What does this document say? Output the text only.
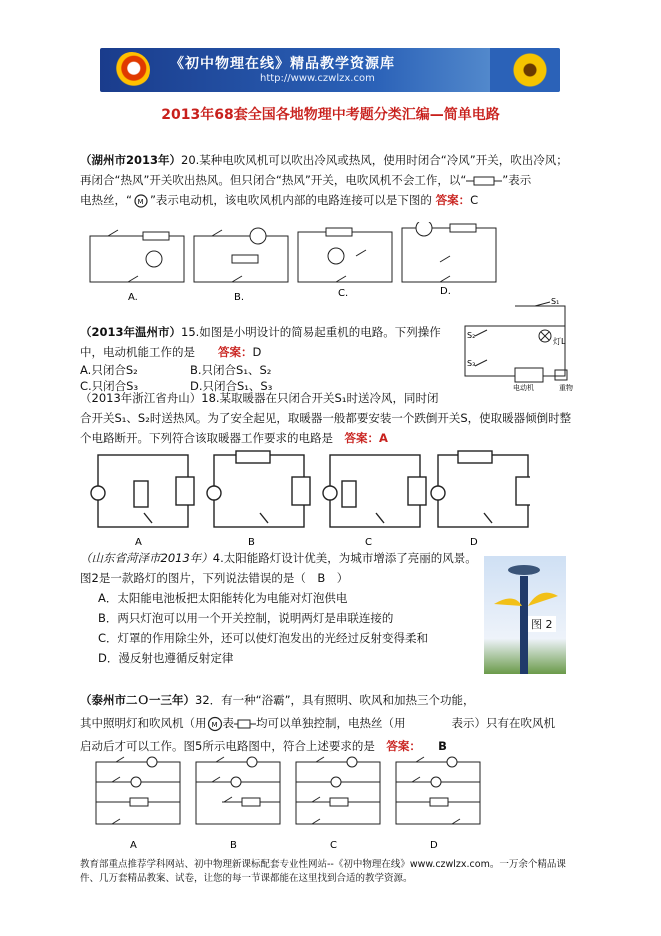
《初中物理在线》精品教学资源库
http://www.czwlzx.com
2013年68套全国各地物理中考题分类汇编—简单电路
（湖州市2013年）20.某种电吹风机可以吹出冷风或热风，使用时闭合“冷风”开关，吹出冷风；
再闭合“热风”开关吹出热风。但只闭合“热风”开关，电吹风机不会工作，以“	”表示
电热丝，“ M ”表示电动机，该电吹风机内部的电路连接可以是下图的 答案：C
A.	B.	C.	D.
（2013年温州市）15.如图是小明设计的简易起重机的电路。下列操作
中，电动机能工作的是　　 答案：D
A.只闭合S₂	B.只闭合S₁、S₂
C.只闭合S₃	D.只闭合S₁、S₃
S₁
S₂
S₃
灯L
电动机	重物
（2013年浙江省舟山）18.某取暖器在只闭合开关S₁时送冷风，同时闭
合开关S₁、S₂时送热风。为了安全起见，取暖器一般都要安装一个跌倒开关S，使取暖器倾倒时整
个电路断开。下列符合该取暖器工作要求的电路是　 答案：A
A	B	C	D
（山东省菏泽市2013年）4.太阳能路灯设计优美，为城市增添了亮丽的风景。
图2是一款路灯的图片，下列说法错误的是（　 B　 ）
A．太阳能电池板把太阳能转化为电能对灯泡供电
B．两只灯泡可以用一个开关控制，说明两灯是串联连接的
C．灯罩的作用除尘外，还可以使灯泡发出的光经过反射变得柔和
D．漫反射也遵循反射定律
图 2
（泰州市二Ｏ一三年）32．有一种“浴霸”，具有照明、吹风和加热三个功能，
其中照明灯和吹风机（用 M 表 均可以单独控制，电热丝（用　　　　	表示）只有在吹风机
启动后才可以工作。图5所示电路图中，符合上述要求的是　 答案：　　 B
A	B	C	D
教育部重点推荐学科网站、初中物理新课标配套专业性网站--《初中物理在线》www.czwlzx.com。一万余个精品课
件、几万套精品教案、试卷，让您的每一节课都能在这里找到合适的教学资源。
